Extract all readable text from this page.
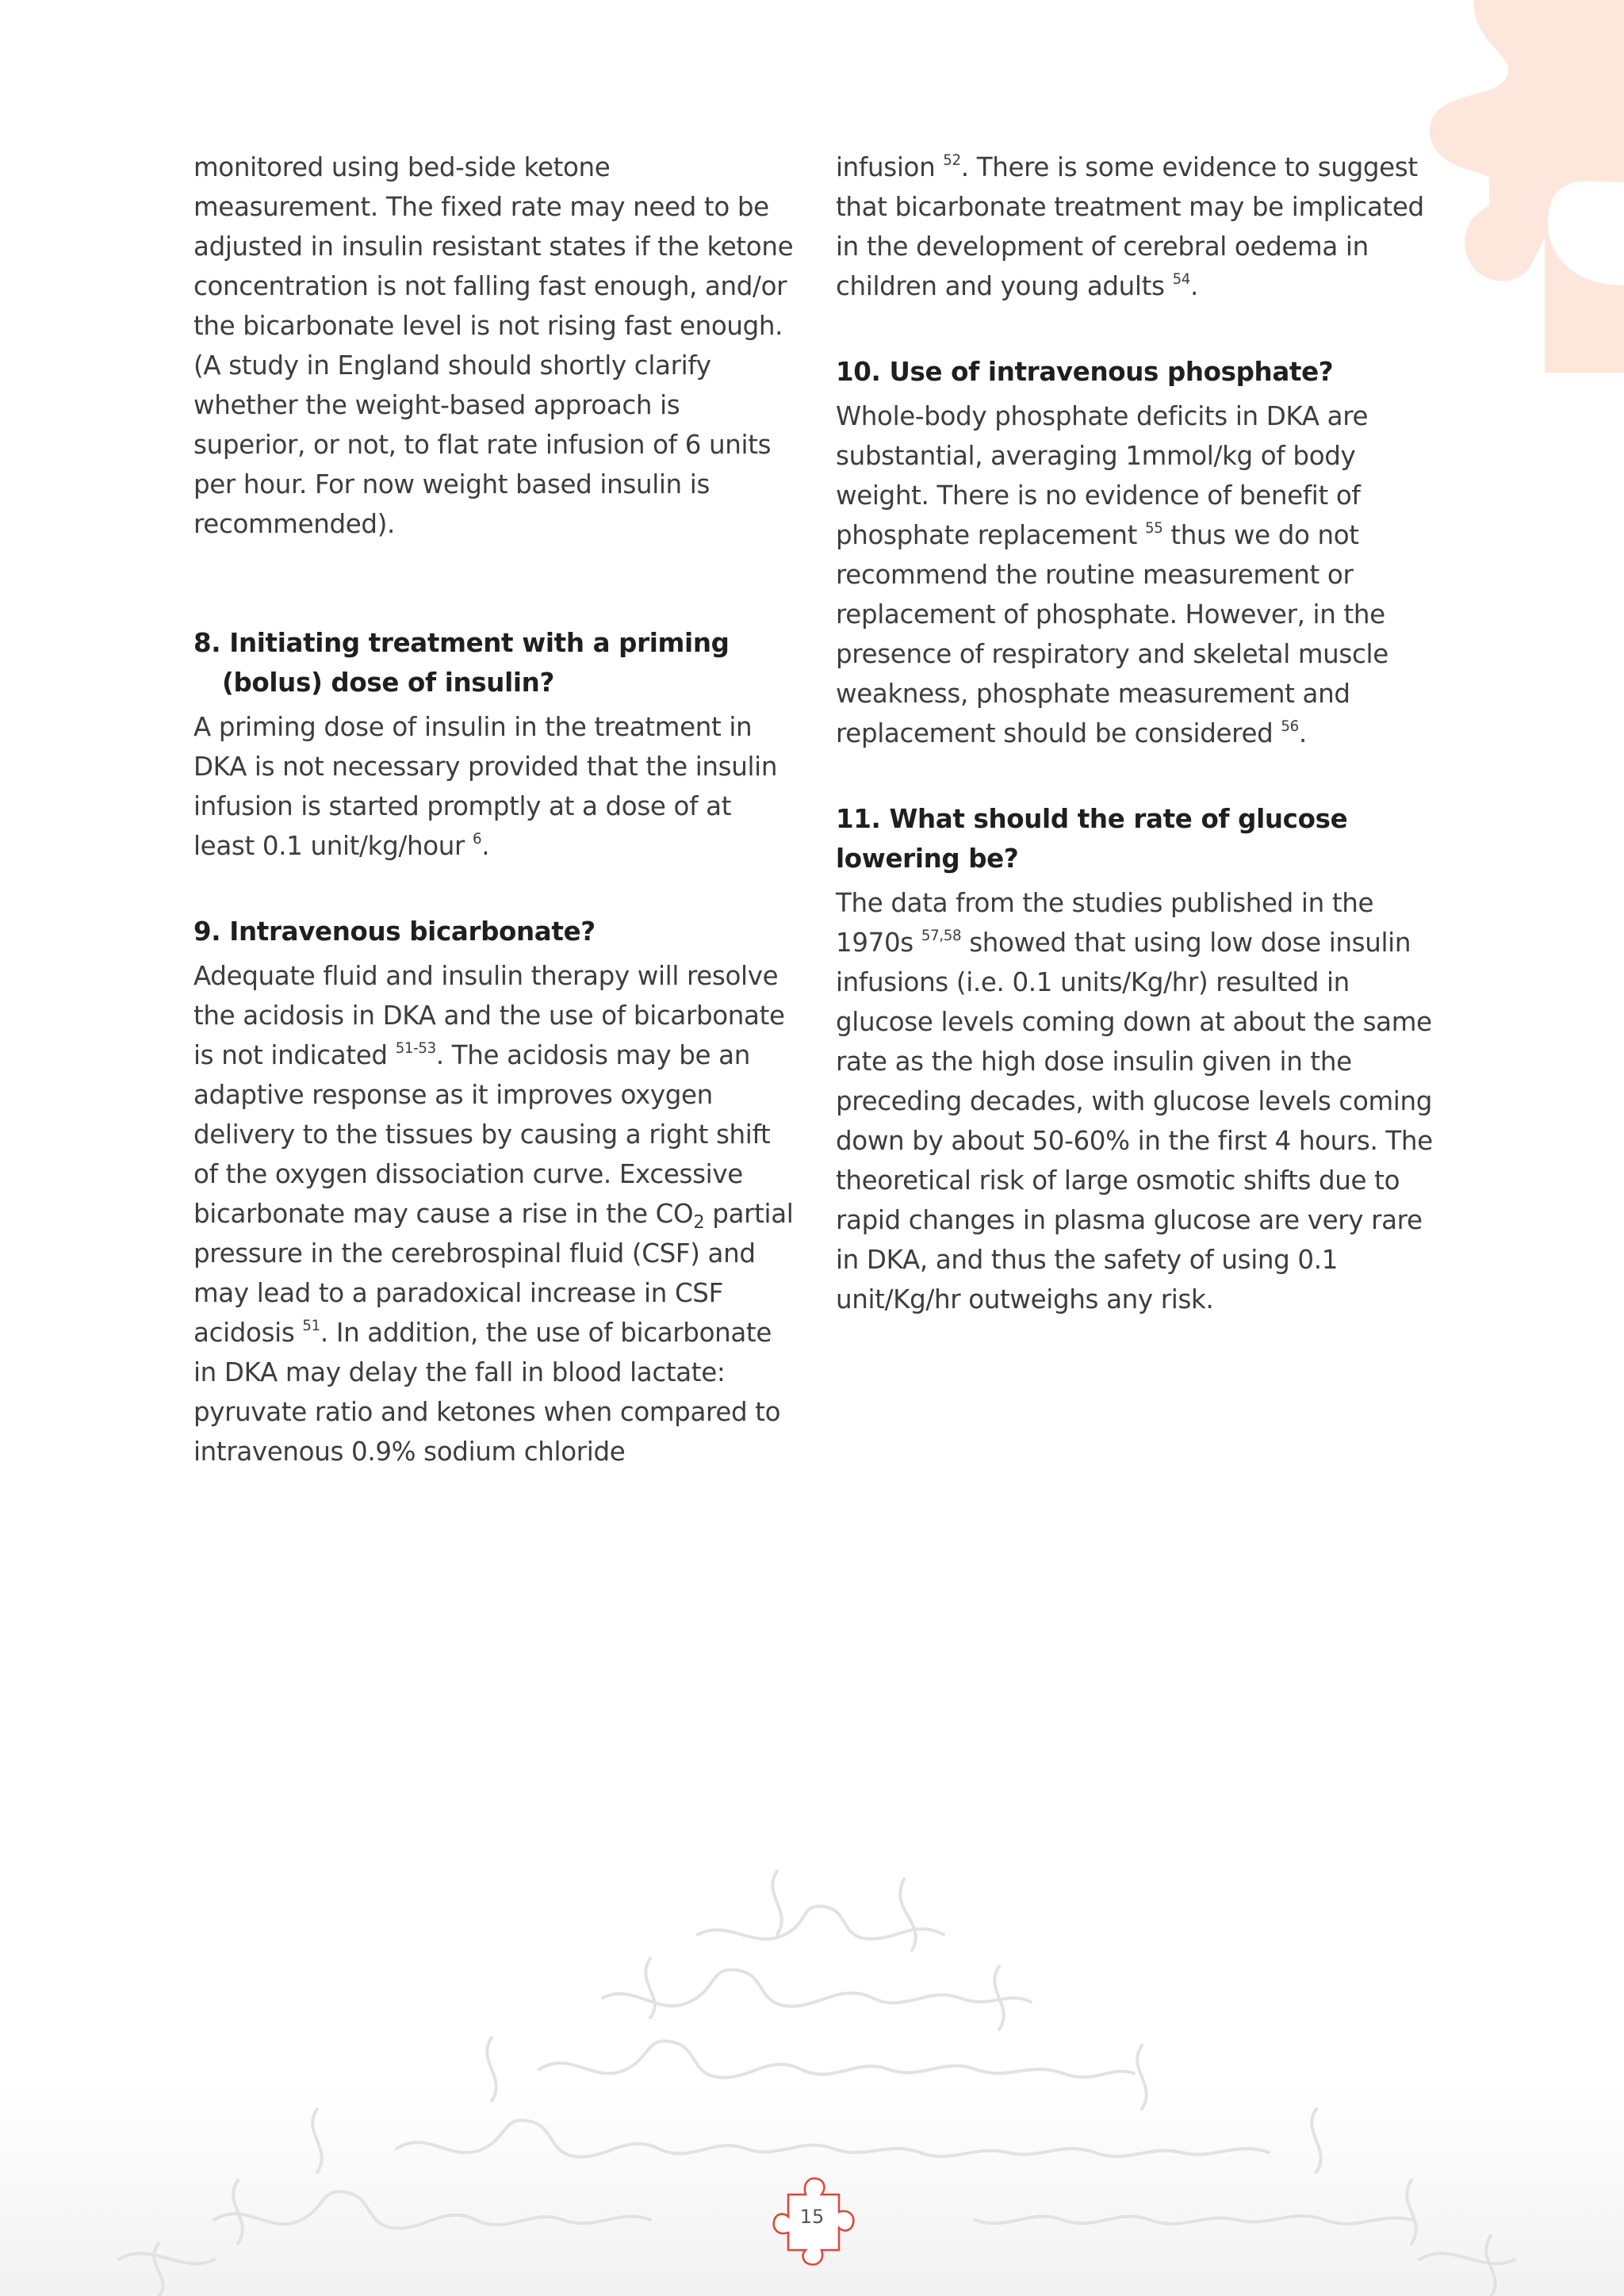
monitored using bed-side ketone measurement. The fixed rate may need to be adjusted in insulin resistant states if the ketone concentration is not falling fast enough, and/or the bicarbonate level is not rising fast enough. (A study in England should shortly clarify whether the weight-based approach is superior, or not, to flat rate infusion of 6 units per hour. For now weight based insulin is recommended).

8. Initiating treatment with a priming (bolus) dose of insulin?

A priming dose of insulin in the treatment in DKA is not necessary provided that the insulin infusion is started promptly at a dose of at least 0.1 unit/kg/hour $^6$.

9. Intravenous bicarbonate?

Adequate fluid and insulin therapy will resolve the acidosis in DKA and the use of bicarbonate is not indicated $^{51-53}$. The acidosis may be an adaptive response as it improves oxygen delivery to the tissues by causing a right shift of the oxygen dissociation curve. Excessive bicarbonate may cause a rise in the $CO_2$ partial pressure in the cerebrospinal fluid (CSF) and may lead to a paradoxical increase in CSF acidosis $^{51}$. In addition, the use of bicarbonate in DKA may delay the fall in blood lactate: pyruvate ratio and ketones when compared to intravenous 0.9% sodium chloride

infusion $^{52}$. There is some evidence to suggest that bicarbonate treatment may be implicated in the development of cerebral oedema in children and young adults $^{54}$.

10. Use of intravenous phosphate?

Whole-body phosphate deficits in DKA are substantial, averaging 1mmol/kg of body weight. There is no evidence of benefit of phosphate replacement $^{55}$ thus we do not recommend the routine measurement or replacement of phosphate. However, in the presence of respiratory and skeletal muscle weakness, phosphate measurement and replacement should be considered $^{56}$.

11. What should the rate of glucose lowering be?

The data from the studies published in the 1970s $^{57,58}$ showed that using low dose insulin infusions (i.e. 0.1 units/Kg/hr) resulted in glucose levels coming down at about the same rate as the high dose insulin given in the preceding decades, with glucose levels coming down by about 50-60% in the first 4 hours. The theoretical risk of large osmotic shifts due to rapid changes in plasma glucose are very rare in DKA, and thus the safety of using 0.1 unit/Kg/hr outweighs any risk.

15
